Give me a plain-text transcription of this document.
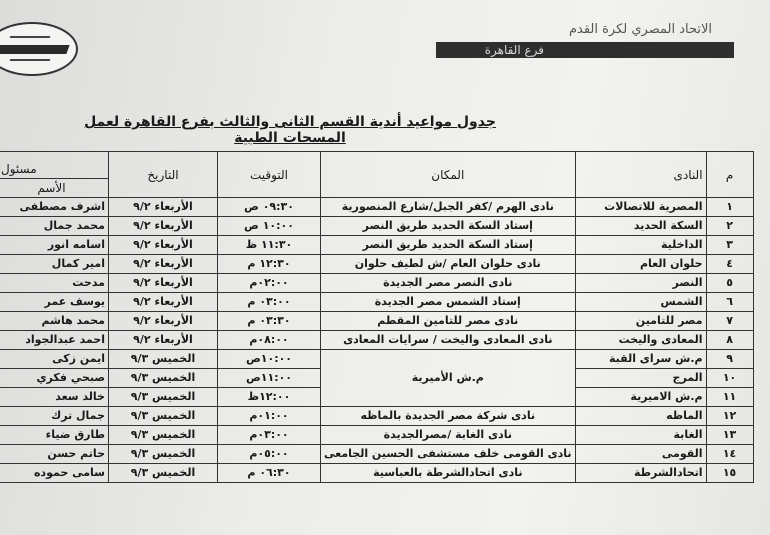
الاتحاد المصري لكرة القدم
فرع القاهرة
جدول مواعيد أندية القسم الثانى والثالث بفرع القاهرة لعمل المسحات الطبية
م	النادى	المكان	التوقيت	التاريخ	مسئول
					الأسم
١	المصرية للاتصالات	نادى الهرم /كفر الجبل/شارع المنصورية	٠٩:٣٠ ص	الأربعاء ٩/٢	اشرف مصطفى
٢	السكة الحديد	إستاد السكة الحديد طريق النصر	١٠:٠٠ ص	الأربعاء ٩/٢	محمد جمال
٣	الداخلية	إستاد السكة الحديد طريق النصر	١١:٣٠ ظ	الأربعاء ٩/٢	اسامه انور
٤	حلوان العام	نادى حلوان العام /ش لطيف حلوان	١٢:٣٠ م	الأربعاء ٩/٢	امير كمال
٥	النصر	نادى النصر مصر الجديدة	٠٢:٠٠م	الأربعاء ٩/٢	مدحت
٦	الشمس	إستاد الشمس مصر الجديدة	٠٣:٠٠ م	الأربعاء ٩/٢	يوسف عمر
٧	مصر للتامين	نادى مصر للتامين المقطم	٠٣:٣٠ م	الأربعاء ٩/٢	محمد هاشم
٨	المعادى واليخت	نادى المعادى واليخت / سرايات المعادى	٠٨:٠٠م	الأربعاء ٩/٢	احمد عبدالجواد
٩	م.ش سراى القبة	م.ش الأميرية	١٠:٠٠ص	الخميس ٩/٣	ايمن زكى
١٠	المرج		١١:٠٠ص	الخميس ٩/٣	صبحي فكري
١١	م.ش الاميرية		١٢:٠٠ظ	الخميس ٩/٣	خالد سعد
١٢	الماظه	نادى شركة مصر الجديدة بالماظه	٠١:٠٠م	الخميس ٩/٣	جمال ترك
١٣	الغابة	نادى الغابة /مصرالجديدة	٠٣:٠٠م	الخميس ٩/٣	طارق ضياء
١٤	القومى	نادى القومى خلف مستشفى الحسين الجامعى	٠٥:٠٠م	الخميس ٩/٣	حاتم حسن
١٥	اتحادالشرطة	نادى اتحادالشرطة بالعباسية	٠٦:٣٠ م	الخميس ٩/٣	سامى حموده
